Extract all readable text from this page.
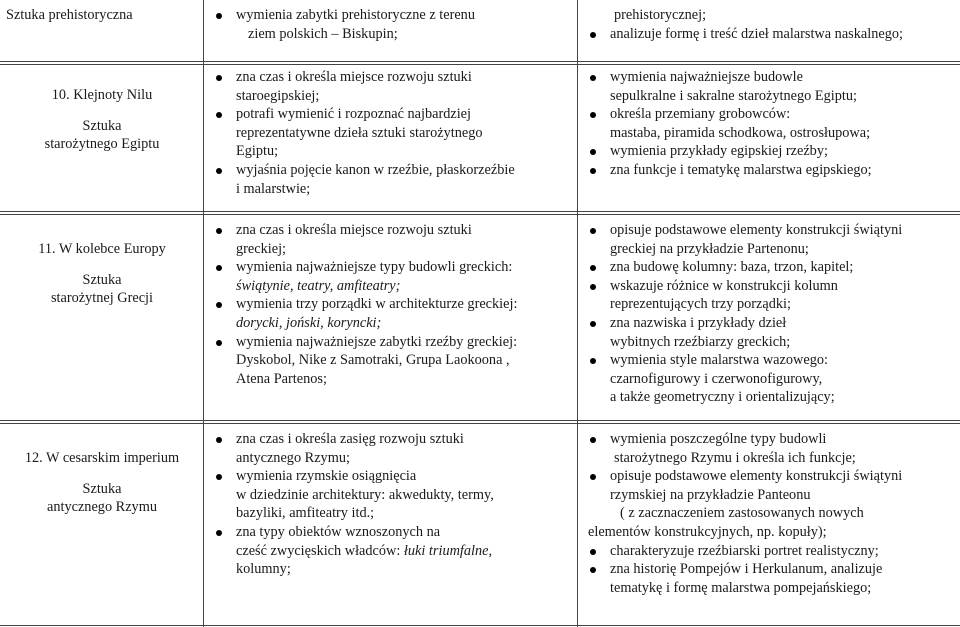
Sztuka prehistoryczna	wymienia zabytki prehistoryczne z terenu
ziem polskich – Biskupin;
prehistorycznej;
analizuje formę i treść dzieł malarstwa naskalnego;
10. Klejnoty Nilu
Sztuka
starożytnego Egiptu
zna czas i określa miejsce rozwoju sztuki
staroegipskiej;
potrafi wymienić i rozpoznać najbardziej
reprezentatywne dzieła sztuki starożytnego
Egiptu;
wyjaśnia pojęcie kanon w rzeźbie, płaskorzeźbie
i malarstwie;
wymienia najważniejsze budowle
sepulkralne i sakralne starożytnego Egiptu;
określa przemiany grobowców:
mastaba, piramida schodkowa, ostrosłupowa;
wymienia przykłady egipskiej rzeźby;
zna funkcje i tematykę malarstwa egipskiego;
11. W kolebce Europy
Sztuka
starożytnej Grecji
zna czas i określa miejsce rozwoju sztuki
greckiej;
wymienia najważniejsze typy budowli greckich:
świątynie, teatry, amfiteatry;
wymienia trzy porządki w architekturze greckiej:
dorycki, joński, koryncki;
wymienia najważniejsze zabytki rzeźby greckiej:
Dyskobol, Nike z Samotraki, Grupa Laokoona ,
Atena Partenos;
opisuje podstawowe elementy konstrukcji świątyni
greckiej na przykładzie Partenonu;
zna budowę kolumny: baza, trzon, kapitel;
wskazuje różnice w konstrukcji kolumn
reprezentujących trzy porządki;
zna nazwiska i przykłady dzieł
wybitnych rzeźbiarzy greckich;
wymienia style malarstwa wazowego:
czarnofigurowy i czerwonofigurowy,
a także geometryczny i orientalizujący;
12. W cesarskim imperium
Sztuka
antycznego Rzymu
zna czas i określa zasięg rozwoju sztuki
antycznego Rzymu;
wymienia rzymskie osiągnięcia
w dziedzinie architektury: akwedukty, termy,
bazyliki, amfiteatry itd.;
zna typy obiektów wznoszonych na
cześć zwycięskich władców: łuki triumfalne,
kolumny;
wymienia poszczególne typy budowli
starożytnego Rzymu i określa ich funkcje;
opisuje podstawowe elementy konstrukcji świątyni
rzymskiej na przykładzie Panteonu
( z zacznaczeniem zastosowanych nowych
elementów konstrukcyjnych, np. kopuły);
charakteryzuje rzeźbiarski portret realistyczny;
zna historię Pompejów i Herkulanum, analizuje
tematykę i formę malarstwa pompejańskiego;
